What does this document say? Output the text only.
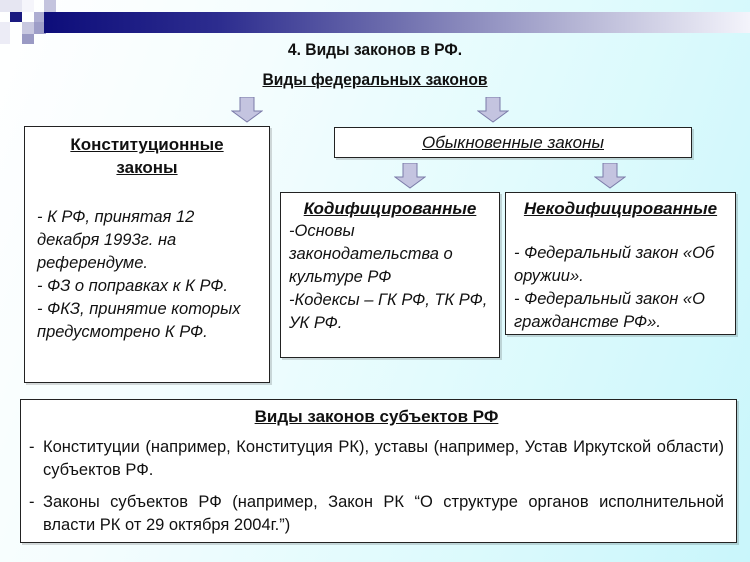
4. Виды законов в РФ.
Виды федеральных законов
Конституционные
законы
- К РФ, принятая 12 декабря 1993г. на референдуме.
- ФЗ о поправках к К РФ.
- ФКЗ, принятие которых предусмотрено К РФ.
Обыкновенные законы
Кодифицированные
-Основы законодательства о культуре РФ
-Кодексы – ГК РФ, ТК РФ, УК РФ.
Некодифицированные
- Федеральный закон «Об оружии».
- Федеральный закон «О гражданстве РФ».
Виды законов субъектов РФ
- Конституции (например, Конституция РК), уставы (например, Устав Иркутской области) субъектов РФ.
- Законы субъектов РФ (например, Закон РК “О структуре органов исполнительной власти РК от 29 октября 2004г.”)
